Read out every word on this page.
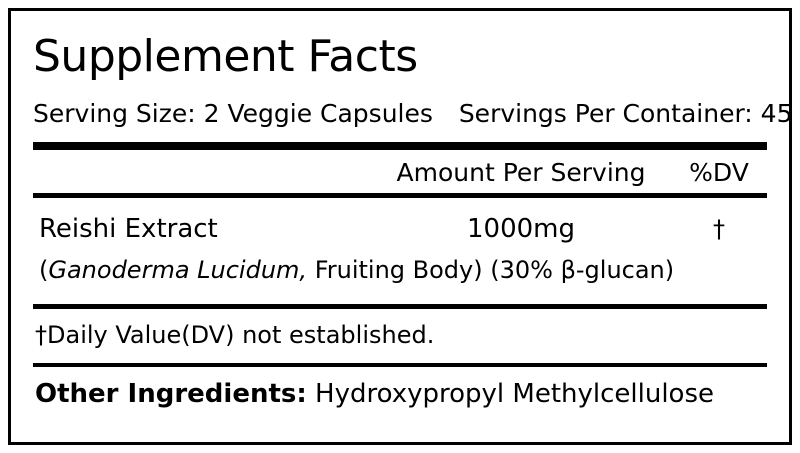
Supplement Facts
Serving Size: 2 Veggie Capsules Servings Per Container: 45
Amount Per Serving	%DV
Reishi Extract	1000mg	†
(Ganoderma Lucidum, Fruiting Body) (30% β-glucan)
†Daily Value(DV) not established.
Other Ingredients: Hydroxypropyl Methylcellulose
